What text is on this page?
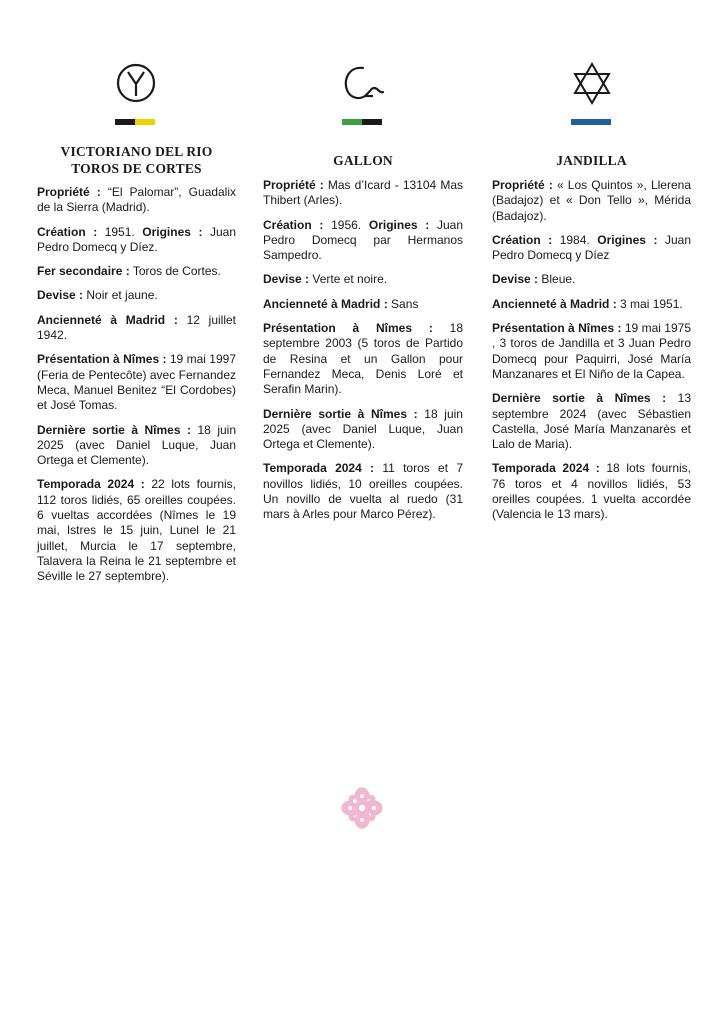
VICTORIANO DEL RIO
TOROS DE CORTES

Propriété : “El Palomar”, Guadalix de la Sierra (Madrid).

Création : 1951. Origines : Juan Pedro Domecq y Díez.

Fer secondaire : Toros de Cortes.

Devise : Noir et jaune.

Ancienneté à Madrid : 12 juillet 1942.

Présentation à Nîmes : 19 mai 1997 (Feria de Pentecôte) avec Fernandez Meca, Manuel Benitez “El Cordobes) et José Tomas.

Dernière sortie à Nîmes : 18 juin 2025 (avec Daniel Luque, Juan Ortega et Clemente).

Temporada 2024 : 22 lots fournis, 112 toros lidiés, 65 oreilles coupées. 6 vueltas accordées (Nîmes le 19 mai, Istres le 15 juin, Lunel le 21 juillet, Murcia le 17 septembre, Talavera la Reina le 21 septembre et Séville le 27 septembre).

GALLON

Propriété : Mas d’Icard - 13104 Mas Thibert (Arles).

Création : 1956. Origines : Juan Pedro Domecq par Hermanos Sampedro.

Devise : Verte et noire.

Ancienneté à Madrid : Sans

Présentation à Nîmes : 18 septembre 2003 (5 toros de Partido de Resina et un Gallon pour Fernandez Meca, Denis Loré et Serafin Marin).

Dernière sortie à Nîmes : 18 juin 2025 (avec Daniel Luque, Juan Ortega et Clemente).

Temporada 2024 : 11 toros et 7 novillos lidiés, 10 oreilles coupées. Un novillo de vuelta al ruedo (31 mars à Arles pour Marco Pérez).

JANDILLA

Propriété : « Los Quintos », Llerena (Badajoz) et « Don Tello », Mérida (Badajoz).

Création : 1984. Origines : Juan Pedro Domecq y Díez

Devise : Bleue.

Ancienneté à Madrid : 3 mai 1951.

Présentation à Nîmes : 19 mai 1975 , 3 toros de Jandilla et 3 Juan Pedro Domecq pour Paquirri, José María Manzanares et El Niño de la Capea.

Dernière sortie à Nîmes : 13 septembre 2024 (avec Sébastien Castella, José María Manzanarès et Lalo de Maria).

Temporada 2024 : 18 lots fournis, 76 toros et 4 novillos lidiés, 53 oreilles coupées. 1 vuelta accordée (Valencia le 13 mars).
